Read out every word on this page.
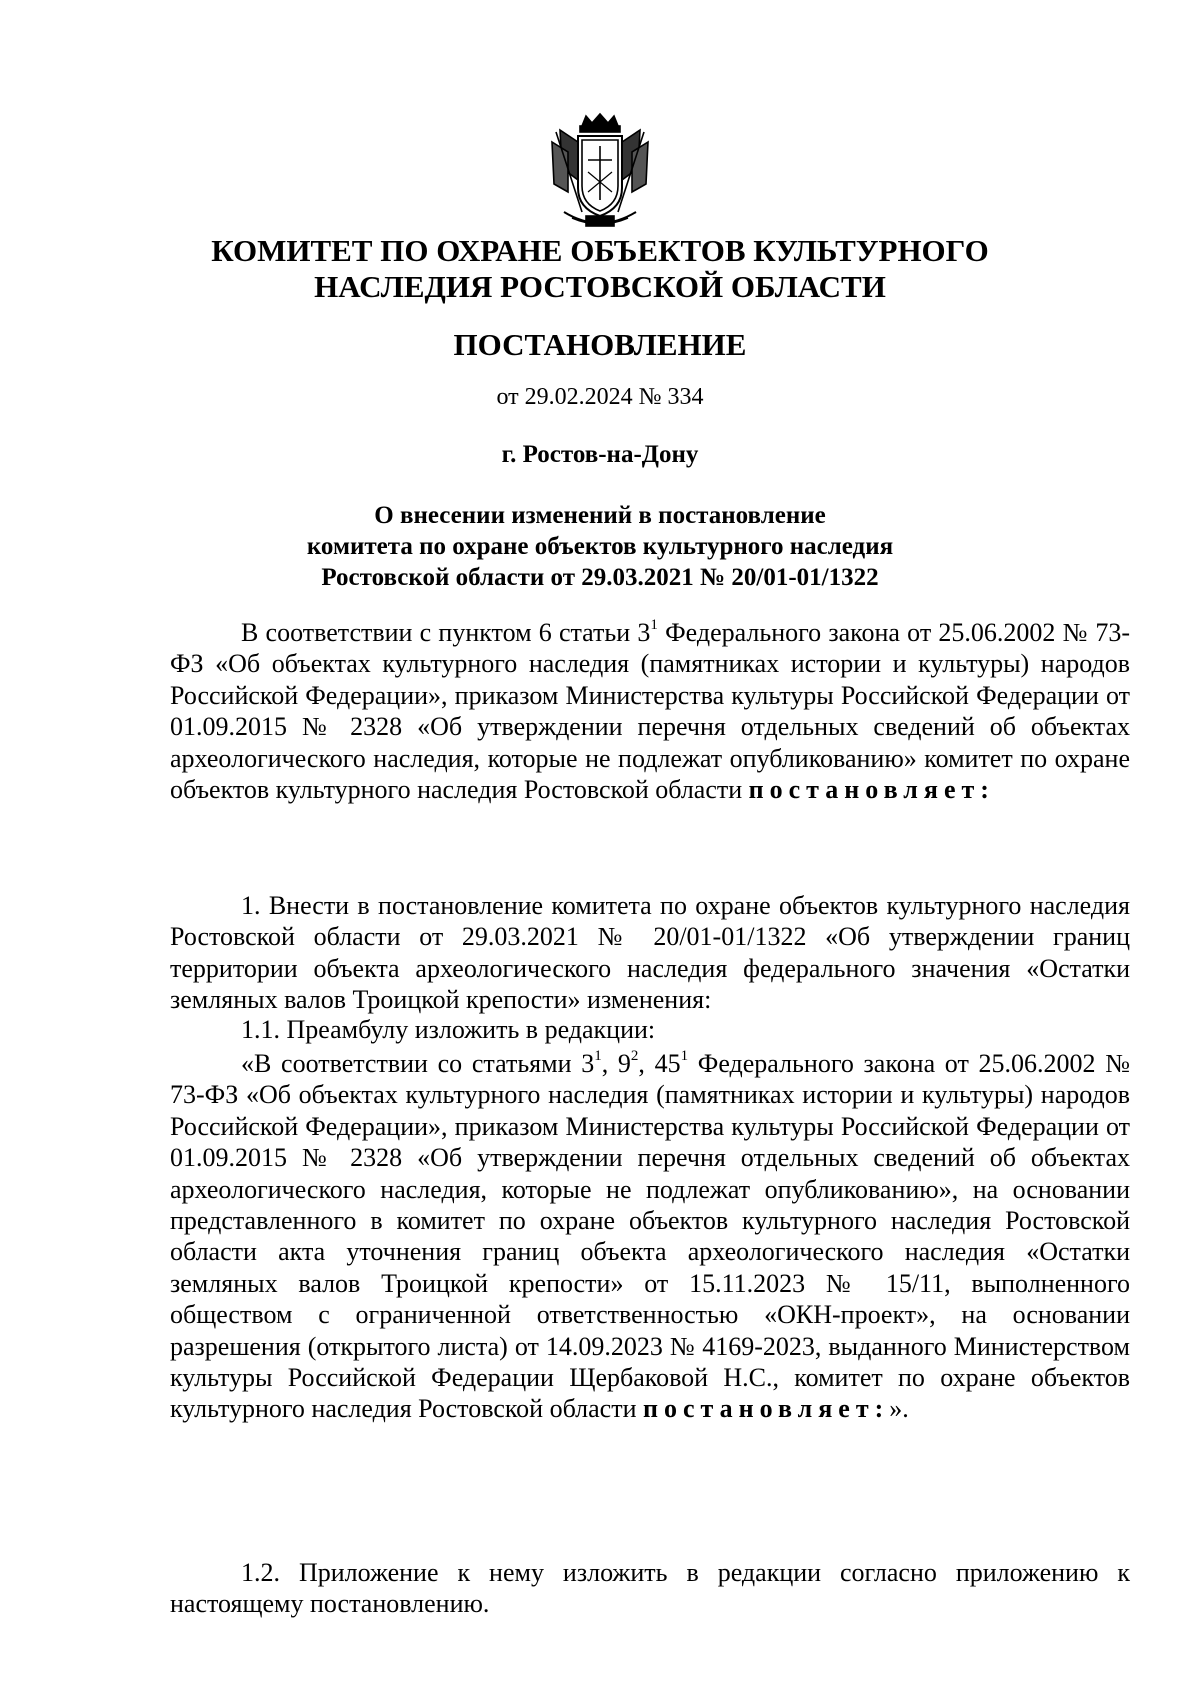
КОМИТЕТ ПО ОХРАНЕ ОБЪЕКТОВ КУЛЬТУРНОГО
НАСЛЕДИЯ РОСТОВСКОЙ ОБЛАСТИ
ПОСТАНОВЛЕНИЕ
от 29.02.2024 № 334
г. Ростов-на-Дону
О внесении изменений в постановление
комитета по охране объектов культурного наследия
Ростовской области от 29.03.2021 № 20/01-01/1322
В соответствии с пунктом 6 статьи $3^1$ Федерального закона от 25.06.2002 № 73-ФЗ «Об объектах культурного наследия (памятниках истории и культуры) народов Российской Федерации», приказом Министерства культуры Российской Федерации от 01.09.2015 № 2328 «Об утверждении перечня отдельных сведений об объектах археологического наследия, которые не подлежат опубликованию» комитет по охране объектов культурного наследия Ростовской области постановляет:
1. Внести в постановление комитета по охране объектов культурного наследия Ростовской области от 29.03.2021 № 20/01-01/1322 «Об утверждении границ территории объекта археологического наследия федерального значения «Остатки земляных валов Троицкой крепости» изменения:
1.1. Преамбулу изложить в редакции:
«В соответствии со статьями $3^1$, $9^2$, $45^1$ Федерального закона от 25.06.2002 № 73-ФЗ «Об объектах культурного наследия (памятниках истории и культуры) народов Российской Федерации», приказом Министерства культуры Российской Федерации от 01.09.2015 № 2328 «Об утверждении перечня отдельных сведений об объектах археологического наследия, которые не подлежат опубликованию», на основании представленного в комитет по охране объектов культурного наследия Ростовской области акта уточнения границ объекта археологического наследия «Остатки земляных валов Троицкой крепости» от 15.11.2023 № 15/11, выполненного обществом с ограниченной ответственностью «ОКН-проект», на основании разрешения (открытого листа) от 14.09.2023 № 4169-2023, выданного Министерством культуры Российской Федерации Щербаковой Н.С., комитет по охране объектов культурного наследия Ростовской области постановляет:».
1.2. Приложение к нему изложить в редакции согласно приложению к настоящему постановлению.
